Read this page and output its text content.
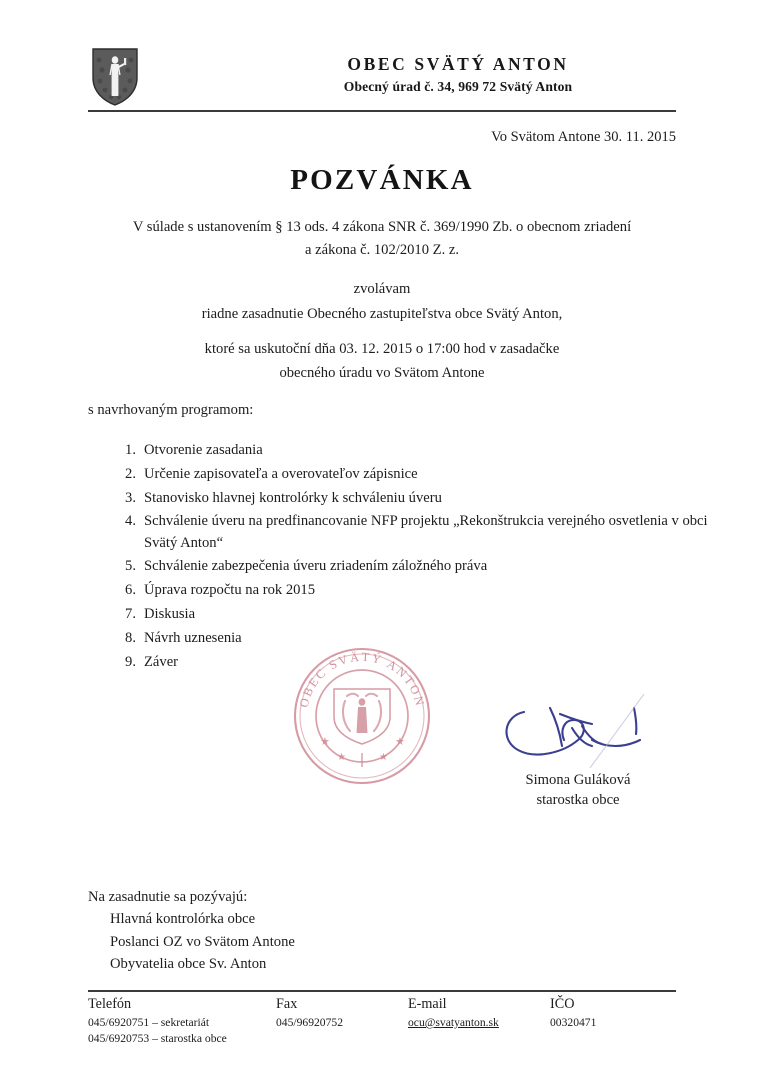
OBEC SVÄTÝ ANTON
Obecný úrad č. 34, 969 72 Svätý Anton
Vo Svätom Antone 30. 11. 2015
POZVÁNKA
V súlade s ustanovením § 13 ods. 4 zákona SNR č. 369/1990 Zb. o obecnom zriadení
a zákona č. 102/2010 Z. z.
zvolávam
riadne zasadnutie Obecného zastupiteľstva obce Svätý Anton,
ktoré sa uskutoční dňa 03. 12. 2015 o 17:00 hod v zasadačke
obecného úradu vo Svätom Antone
s navrhovaným programom:
1. Otvorenie zasadania
2. Určenie zapisovateľa a overovateľov zápisnice
3. Stanovisko hlavnej kontrolórky k schváleniu úveru
4. Schválenie úveru na predfinancovanie NFP projektu „Rekonštrukcia verejného osvetlenia v obci Svätý Anton“
5. Schválenie zabezpečenia úveru zriadením záložného práva
6. Úprava rozpočtu na rok 2015
7. Diskusia
8. Návrh uznesenia
9. Záver
OBEC SVÄTÝ ANTON
★
★	★
★
Simona Guláková
starostka obce
Na zasadnutie sa pozývajú:
Hlavná kontrolórka obce
Poslanci OZ vo Svätom Antone
Obyvatelia obce Sv. Anton
Telefón
045/6920751 – sekretariát
045/6920753 – starostka obce
Fax
045/96920752
E-mail
ocu@svatyanton.sk
IČO
00320471
